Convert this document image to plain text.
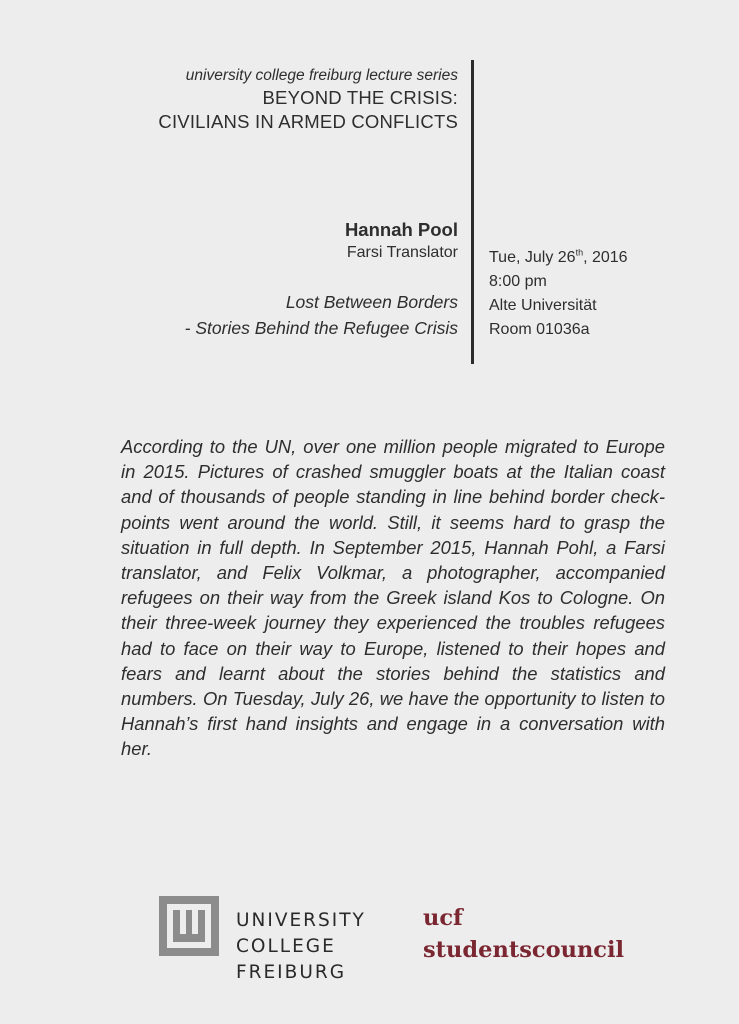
university college freiburg lecture series
BEYOND THE CRISIS:
CIVILIANS IN ARMED CONFLICTS
Hannah Pool
Farsi Translator
Lost Between Borders
- Stories Behind the Refugee Crisis
Tue, July 26th, 2016
8:00 pm
Alte Universität
Room 01036a

According to the UN, over one million people migrated to Europe in 2015. Pictures of crashed smuggler boats at the Italian coast and of thousands of people standing in line behind border checkpoints went around the world. Still, it seems hard to grasp the situation in full depth. In September 2015, Hannah Pohl, a Farsi translator, and Felix Volkmar, a photographer, accompanied refugees on their way from the Greek island Kos to Cologne. On their three-week journey they experienced the troubles refugees had to face on their way to Europe, listened to their hopes and fears and learnt about the stories behind the statistics and numbers. On Tuesday, July 26, we have the opportunity to listen to Hannah’s first hand insights and engage in a conversation with her.

UNIVERSITY
COLLEGE
FREIBURG
ucf
studentscouncil
